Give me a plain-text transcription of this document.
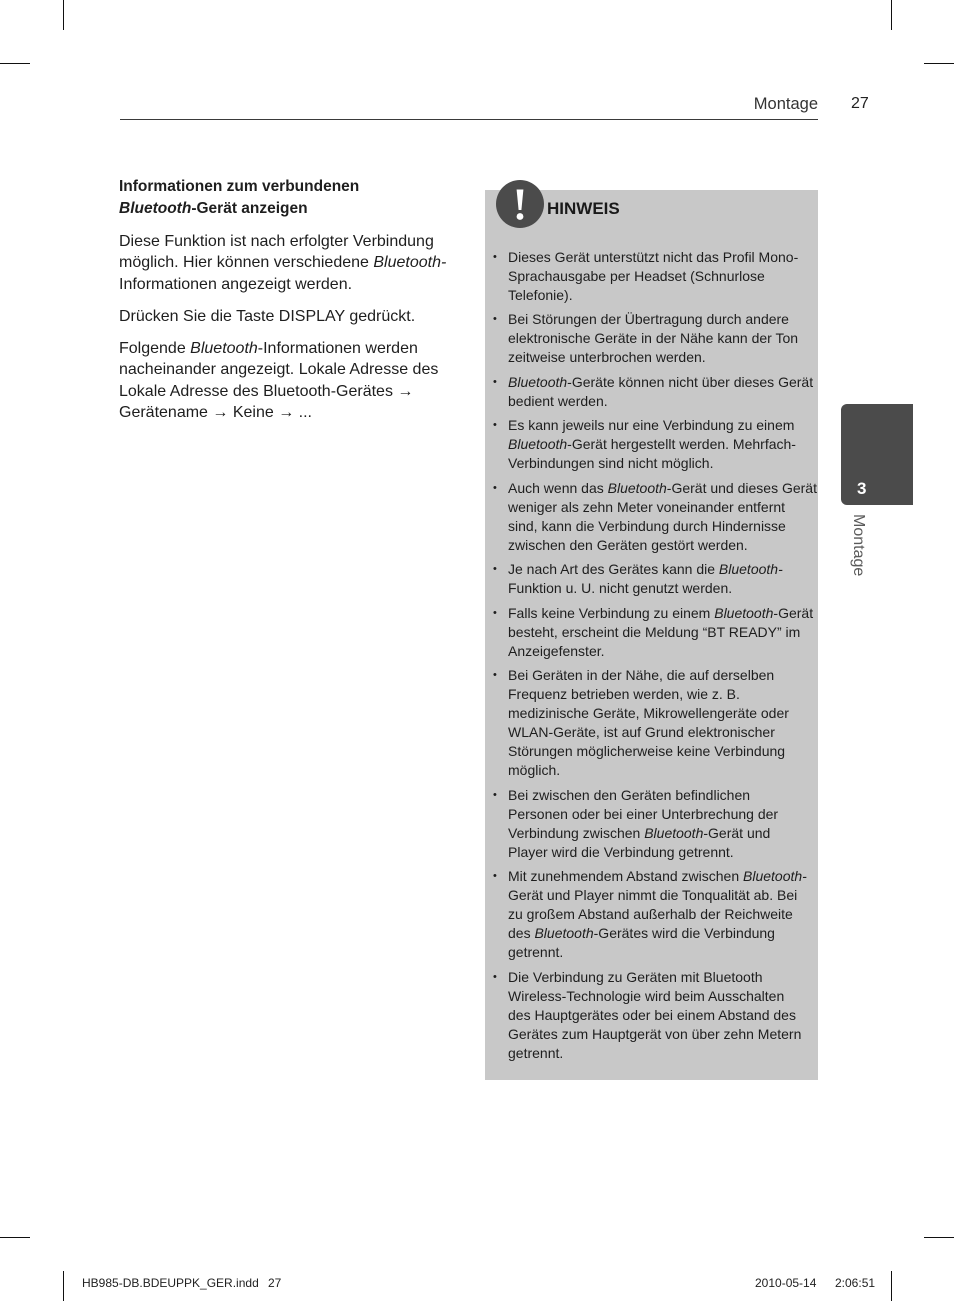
Montage 27
Informationen zum verbundenen
Bluetooth-Gerät anzeigen

Diese Funktion ist nach erfolgter Verbindung
möglich. Hier können verschiedene Bluetooth-
Informationen angezeigt werden.

Drücken Sie die Taste DISPLAY gedrückt.

Folgende Bluetooth-Informationen werden
nacheinander angezeigt. Lokale Adresse des
Lokale Adresse des Bluetooth-Gerätes →
Gerätename → Keine → ...

HINWEIS
• Dieses Gerät unterstützt nicht das Profil Mono-
Sprachausgabe per Headset (Schnurlose
Telefonie).
• Bei Störungen der Übertragung durch andere
elektronische Geräte in der Nähe kann der Ton
zeitweise unterbrochen werden.
• Bluetooth-Geräte können nicht über dieses Gerät
bedient werden.
• Es kann jeweils nur eine Verbindung zu einem
Bluetooth-Gerät hergestellt werden. Mehrfach-
Verbindungen sind nicht möglich.
• Auch wenn das Bluetooth-Gerät und dieses Gerät
weniger als zehn Meter voneinander entfernt
sind, kann die Verbindung durch Hindernisse
zwischen den Geräten gestört werden.
• Je nach Art des Gerätes kann die Bluetooth-
Funktion u. U. nicht genutzt werden.
• Falls keine Verbindung zu einem Bluetooth-Gerät
besteht, erscheint die Meldung “BT READY” im
Anzeigefenster.
• Bei Geräten in der Nähe, die auf derselben
Frequenz betrieben werden, wie z. B.
medizinische Geräte, Mikrowellengeräte oder
WLAN-Geräte, ist auf Grund elektronischer
Störungen möglicherweise keine Verbindung
möglich.
• Bei zwischen den Geräten befindlichen
Personen oder bei einer Unterbrechung der
Verbindung zwischen Bluetooth-Gerät und
Player wird die Verbindung getrennt.
• Mit zunehmendem Abstand zwischen Bluetooth-
Gerät und Player nimmt die Tonqualität ab. Bei
zu großem Abstand außerhalb der Reichweite
des Bluetooth-Gerätes wird die Verbindung
getrennt.
• Die Verbindung zu Geräten mit Bluetooth
Wireless-Technologie wird beim Ausschalten
des Hauptgerätes oder bei einem Abstand des
Gerätes zum Hauptgerät von über zehn Metern
getrennt.
3
Montage
HB985-DB.BDEUPPK_GER.indd 27	2010-05-14 2:06:51
